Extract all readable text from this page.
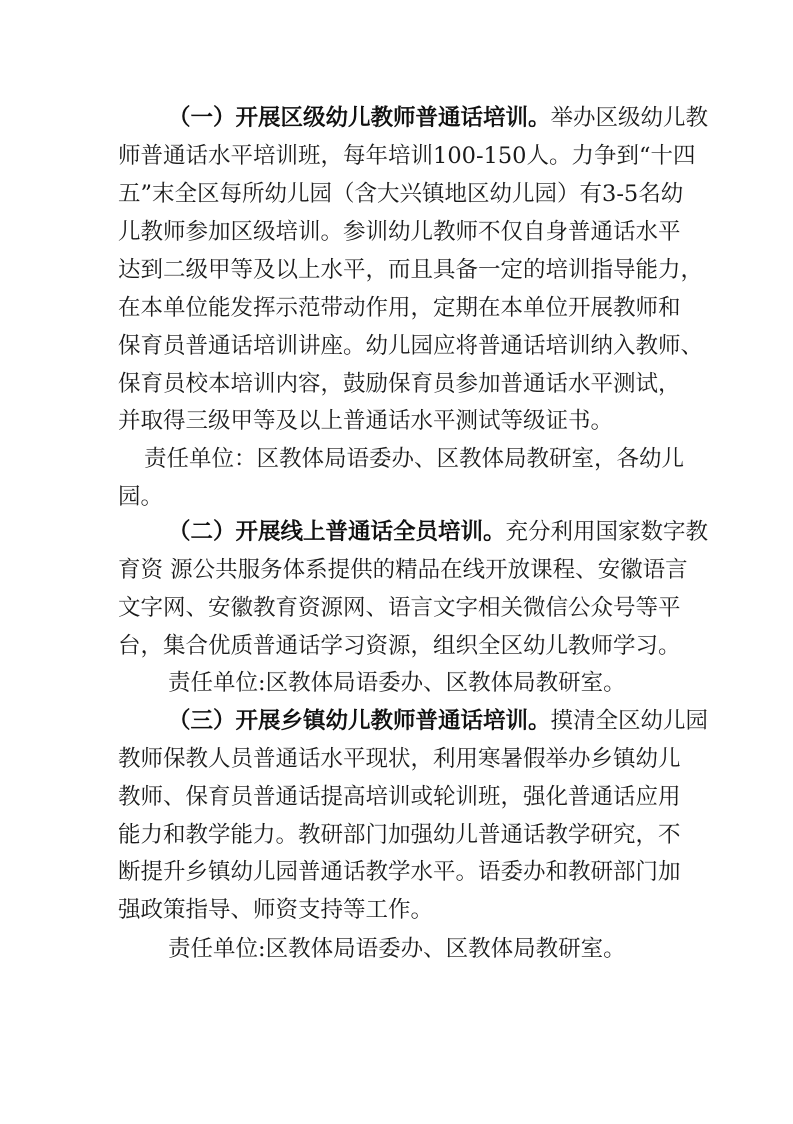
（一）开展区级幼儿教师普通话培训。举办区级幼儿教
师普通话水平培训班，每年培训100-150人。力争到“十四
五”末全区每所幼儿园（含大兴镇地区幼儿园）有3-5名幼
儿教师参加区级培训。参训幼儿教师不仅自身普通话水平
达到二级甲等及以上水平，而且具备一定的培训指导能力，
在本单位能发挥示范带动作用，定期在本单位开展教师和
保育员普通话培训讲座。幼儿园应将普通话培训纳入教师、
保育员校本培训内容，鼓励保育员参加普通话水平测试，
并取得三级甲等及以上普通话水平测试等级证书。
责任单位：区教体局语委办、区教体局教研室，各幼儿
园。
（二）开展线上普通话全员培训。充分利用国家数字教
育资 源公共服务体系提供的精品在线开放课程、安徽语言
文字网、安徽教育资源网、语言文字相关微信公众号等平
台，集合优质普通话学习资源，组织全区幼儿教师学习。
责任单位:区教体局语委办、区教体局教研室。
（三）开展乡镇幼儿教师普通话培训。摸清全区幼儿园
教师保教人员普通话水平现状，利用寒暑假举办乡镇幼儿
教师、保育员普通话提高培训或轮训班，强化普通话应用
能力和教学能力。教研部门加强幼儿普通话教学研究，不
断提升乡镇幼儿园普通话教学水平。语委办和教研部门加
强政策指导、师资支持等工作。
责任单位:区教体局语委办、区教体局教研室。
